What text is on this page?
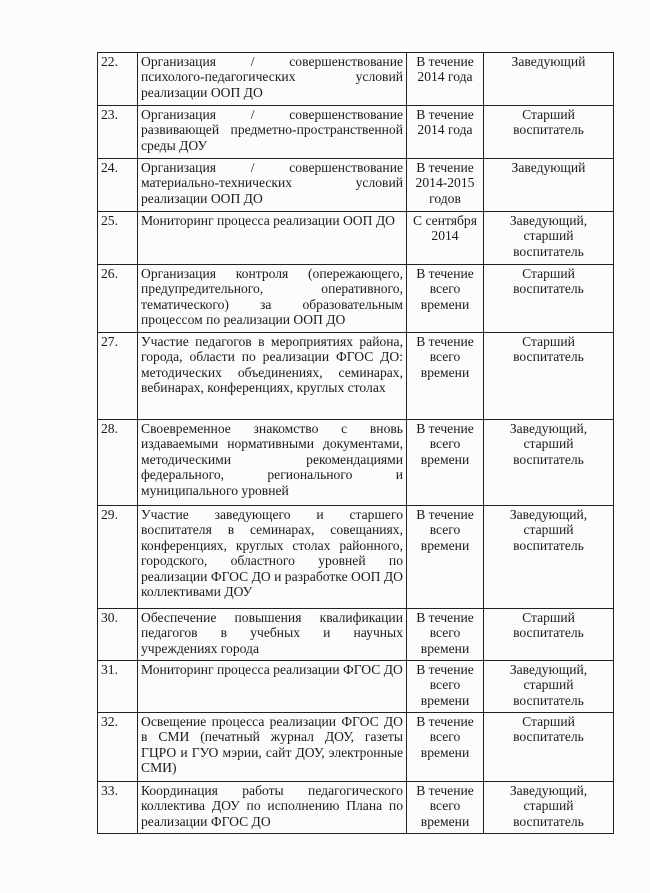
22.	Организация / совершенствование психолого-педагогических условий реализации ООП ДО	В течение 2014 года	Заведующий
23.	Организация / совершенствование развивающей предметно-пространственной среды ДОУ	В течение 2014 года	Старший воспитатель
24.	Организация / совершенствование материально-технических условий реализации ООП ДО	В течение 2014-2015 годов	Заведующий
25.	Мониторинг процесса реализации ООП ДО	С сентября 2014	Заведующий, старший воспитатель
26.	Организация контроля (опережающего, предупредительного, оперативного, тематического) за образовательным процессом по реализации ООП ДО	В течение всего времени	Старший воспитатель
27.	Участие педагогов в мероприятиях района, города, области по реализации ФГОС ДО: методических объединениях, семинарах, вебинарах, конференциях, круглых столах	В течение всего времени	Старший воспитатель
28.	Своевременное знакомство с вновь издаваемыми нормативными документами, методическими рекомендациями федерального, регионального и муниципального уровней	В течение всего времени	Заведующий, старший воспитатель
29.	Участие заведующего и старшего воспитателя в семинарах, совещаниях, конференциях, круглых столах районного, городского, областного уровней по реализации ФГОС ДО и разработке ООП ДО коллективами ДОУ	В течение всего времени	Заведующий, старший воспитатель
30.	Обеспечение повышения квалификации педагогов в учебных и научных учреждениях города	В течение всего времени	Старший воспитатель
31.	Мониторинг процесса реализации ФГОС ДО	В течение всего времени	Заведующий, старший воспитатель
32.	Освещение процесса реализации ФГОС ДО в СМИ (печатный журнал ДОУ, газеты ГЦРО и ГУО мэрии, сайт ДОУ, электронные СМИ)	В течение всего времени	Старший воспитатель
33.	Координация работы педагогического коллектива ДОУ по исполнению Плана по реализации ФГОС ДО	В течение всего времени	Заведующий, старший воспитатель
